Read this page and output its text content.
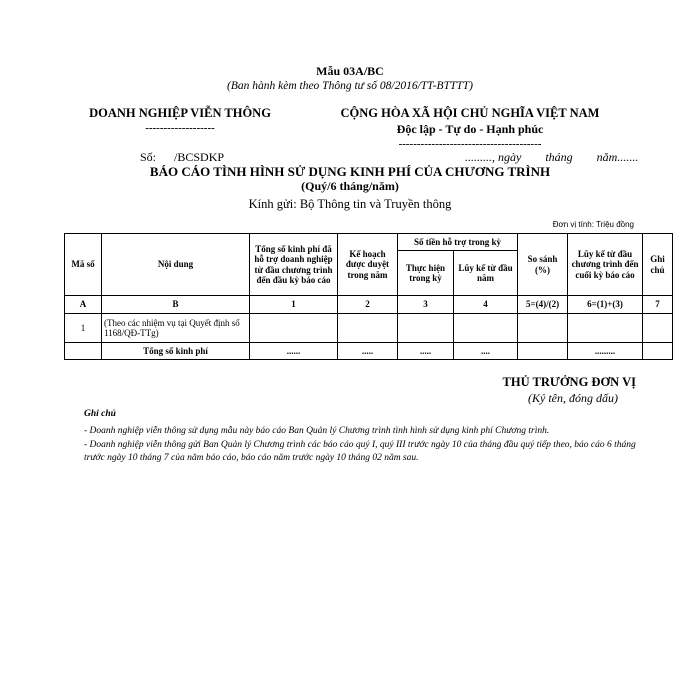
Mẫu 03A/BC
(Ban hành kèm theo Thông tư số 08/2016/TT-BTTTT)
DOANH NGHIỆP VIỄN THÔNG
-------------------
CỘNG HÒA XÃ HỘI CHỦ NGHĨA VIỆT NAM
Độc lập - Tự do - Hạnh phúc
---------------------------------------
Số:      /BCSDKP	........., ngày        tháng        năm.......
BÁO CÁO TÌNH HÌNH SỬ DỤNG KINH PHÍ CỦA CHƯƠNG TRÌNH
(Quý/6 tháng/năm)
Kính gửi: Bộ Thông tin và Truyền thông
Đơn vị tính: Triệu đồng
Mã số	Nội dung	Tổng số kinh phí đã hỗ trợ doanh nghiệp từ đầu chương trình đến đầu kỳ báo cáo	Kế hoạch được duyệt trong năm	Số tiền hỗ trợ trong kỳ		So sánh (%)	Lũy kế từ đầu chương trình đến cuối kỳ báo cáo	Ghi chú
				Thực hiện trong kỳ	Lũy kế từ đầu năm			
A	B	1	2	3	4	5=(4)/(2)	6=(1)+(3)	7
1	(Theo các nhiệm vụ tại Quyết định số 1168/QĐ-TTg)							
	Tổng số kinh phí	......	.....	.....	....		.........	
THỦ TRƯỞNG ĐƠN VỊ
(Ký tên, đóng dấu)
Ghi chú
- Doanh nghiệp viễn thông sử dụng mẫu này báo cáo Ban Quản lý Chương trình tình hình sử dụng kinh phí Chương trình.
- Doanh nghiệp viễn thông gửi Ban Quản lý Chương trình các báo cáo quý I, quý III trước ngày 10 của tháng đầu quý tiếp theo, báo cáo 6 tháng trước ngày 10 tháng 7 của năm báo cáo, báo cáo năm trước ngày 10 tháng 02 năm sau.
